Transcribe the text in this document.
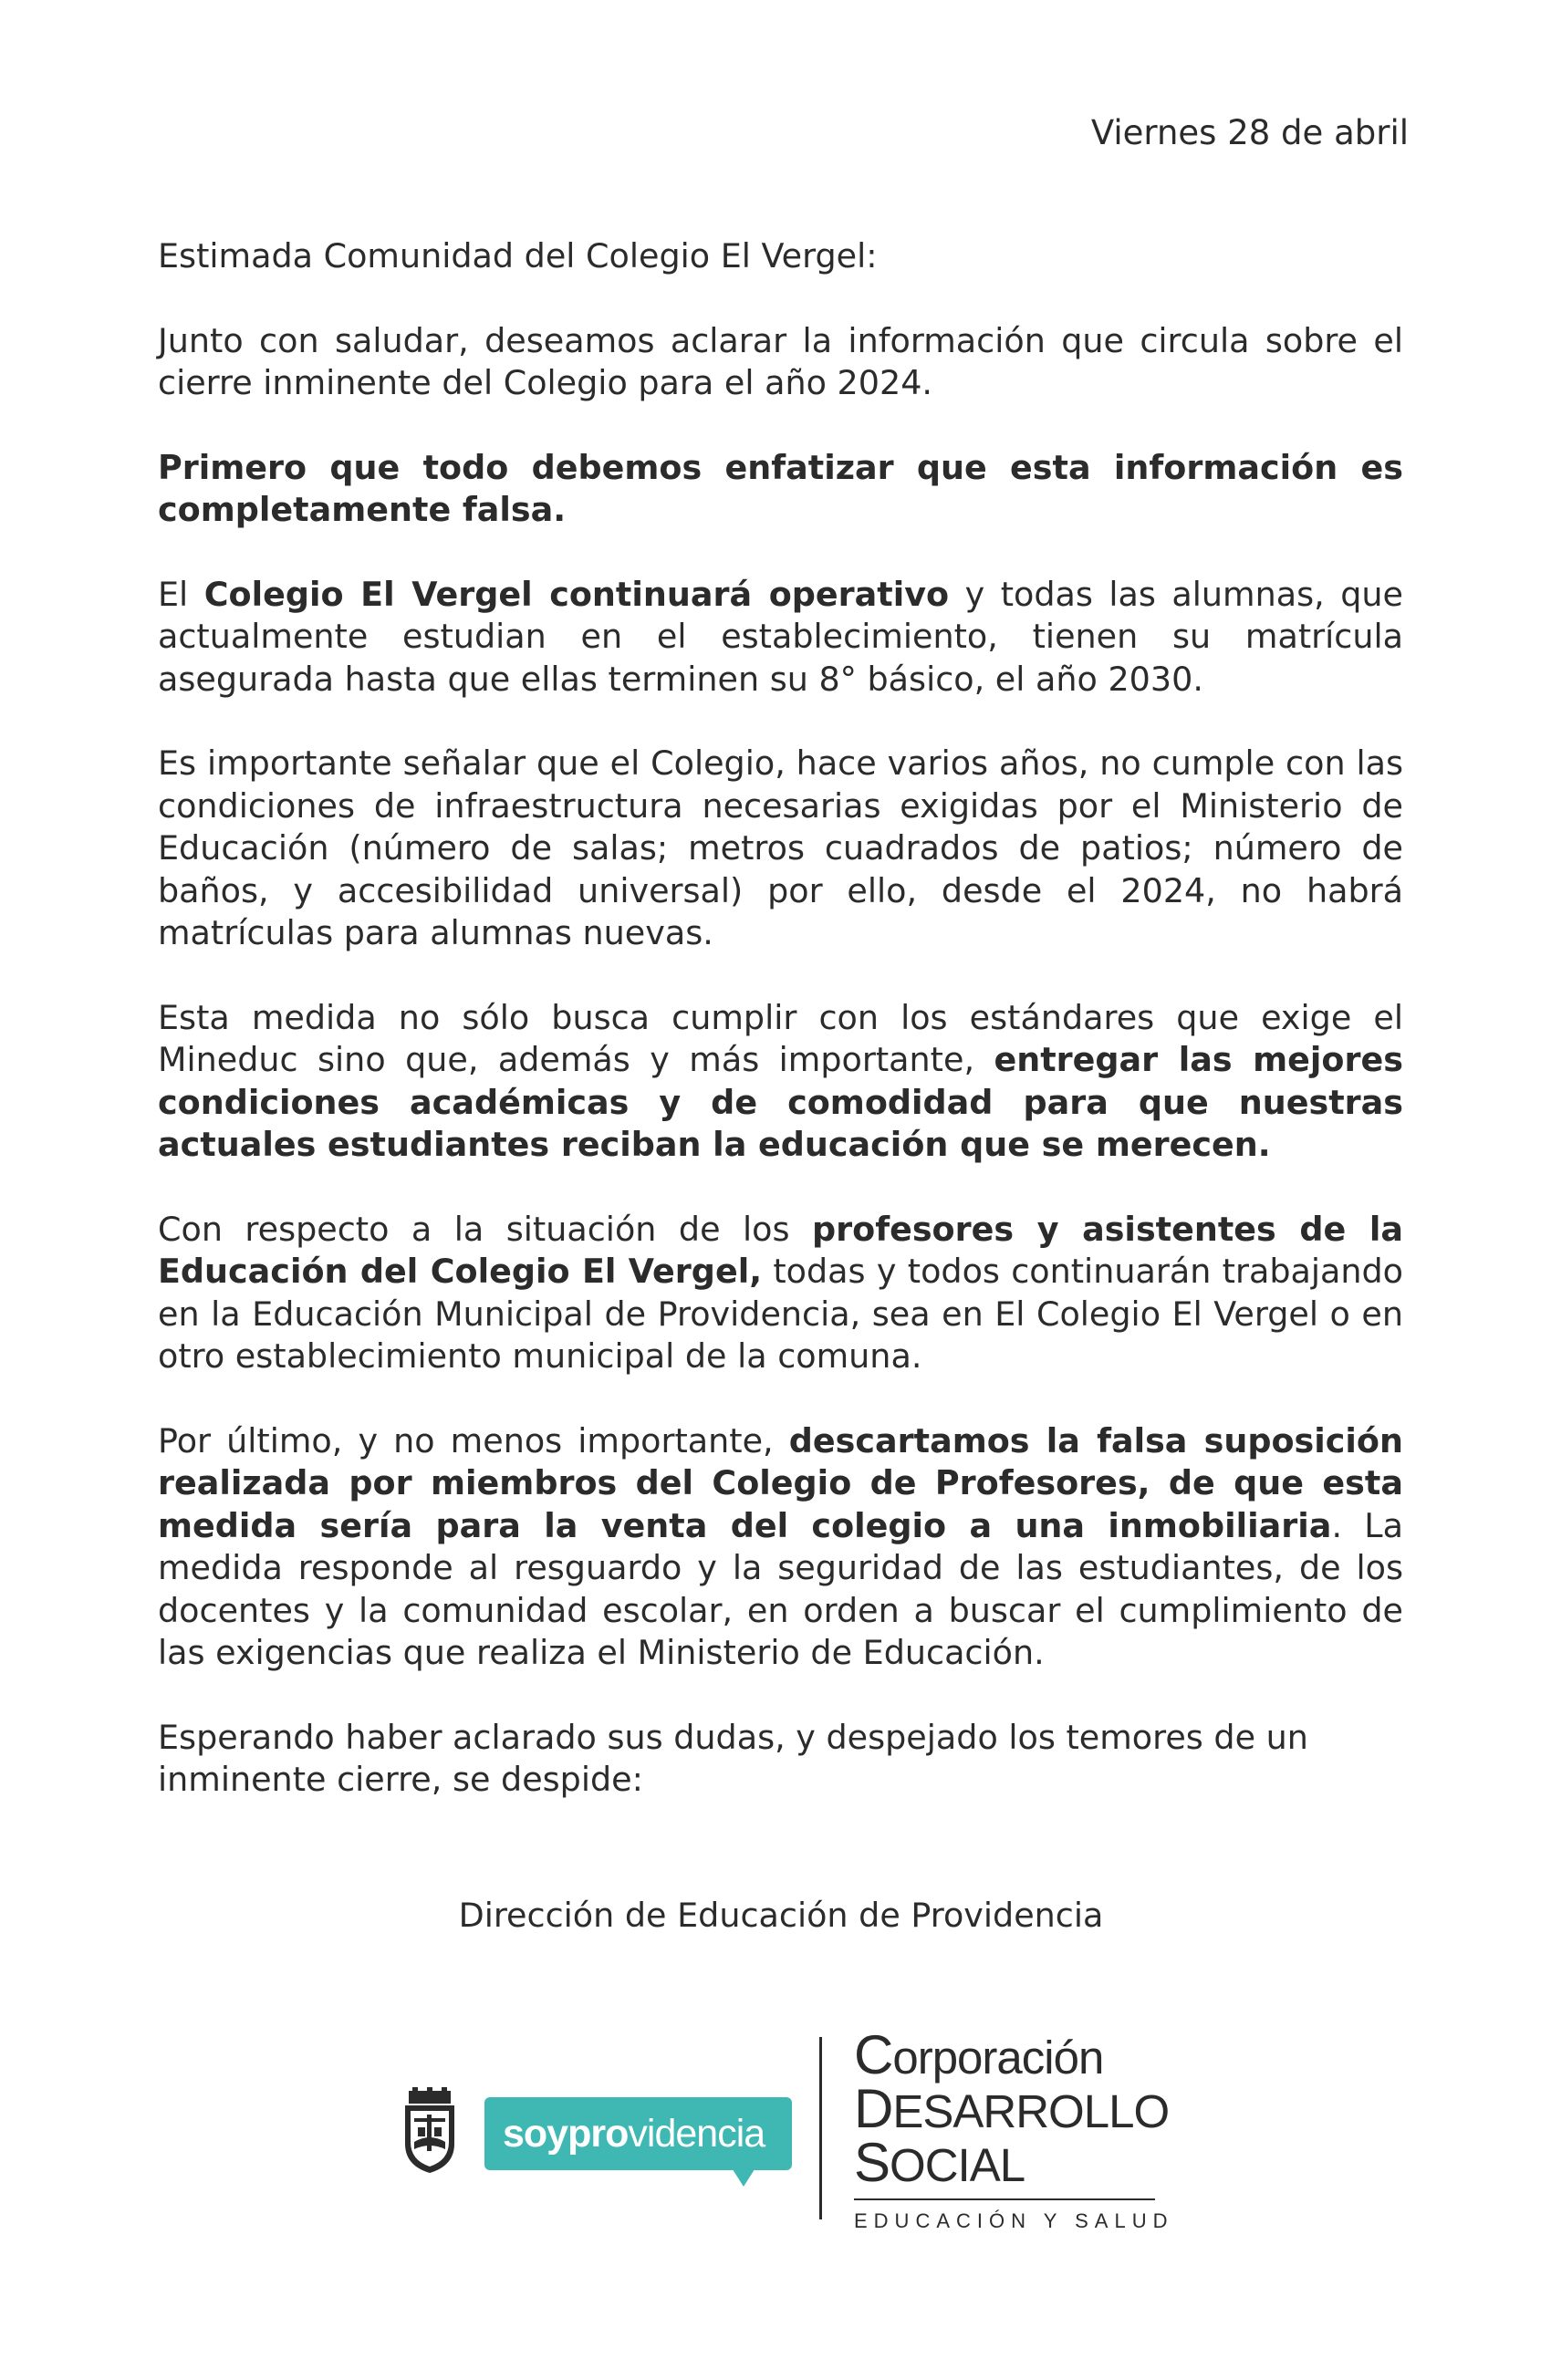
Viernes 28 de abril

Estimada Comunidad del Colegio El Vergel:

Junto con saludar, deseamos aclarar la información que circula sobre el cierre inminente del Colegio para el año 2024.

Primero que todo debemos enfatizar que esta información es completamente falsa.

El Colegio El Vergel continuará operativo y todas las alumnas, que actualmente estudian en el establecimiento, tienen su matrícula asegurada hasta que ellas terminen su 8° básico, el año 2030.

Es importante señalar que el Colegio, hace varios años, no cumple con las condiciones de infraestructura necesarias exigidas por el Ministerio de Educación (número de salas; metros cuadrados de patios; número de baños, y accesibilidad universal) por ello, desde el 2024, no habrá matrículas para alumnas nuevas.

Esta medida no sólo busca cumplir con los estándares que exige el Mineduc sino que, además y más importante, entregar las mejores condiciones académicas y de comodidad para que nuestras actuales estudiantes reciban la educación que se merecen.

Con respecto a la situación de los profesores y asistentes de la Educación del Colegio El Vergel, todas y todos continuarán trabajando en la Educación Municipal de Providencia, sea en El Colegio El Vergel o en otro establecimiento municipal de la comuna.

Por último, y no menos importante, descartamos la falsa suposición realizada por miembros del Colegio de Profesores, de que esta medida sería para la venta del colegio a una inmobiliaria. La medida responde al resguardo y la seguridad de las estudiantes, de los docentes y la comunidad escolar, en orden a buscar el cumplimiento de las exigencias que realiza el Ministerio de Educación.

Esperando haber aclarado sus dudas, y despejado los temores de un inminente cierre, se despide:

Dirección de Educación de Providencia
soyprovidencia
Corporación
DESARROLLO
SOCIAL
EDUCACIÓN Y SALUD
